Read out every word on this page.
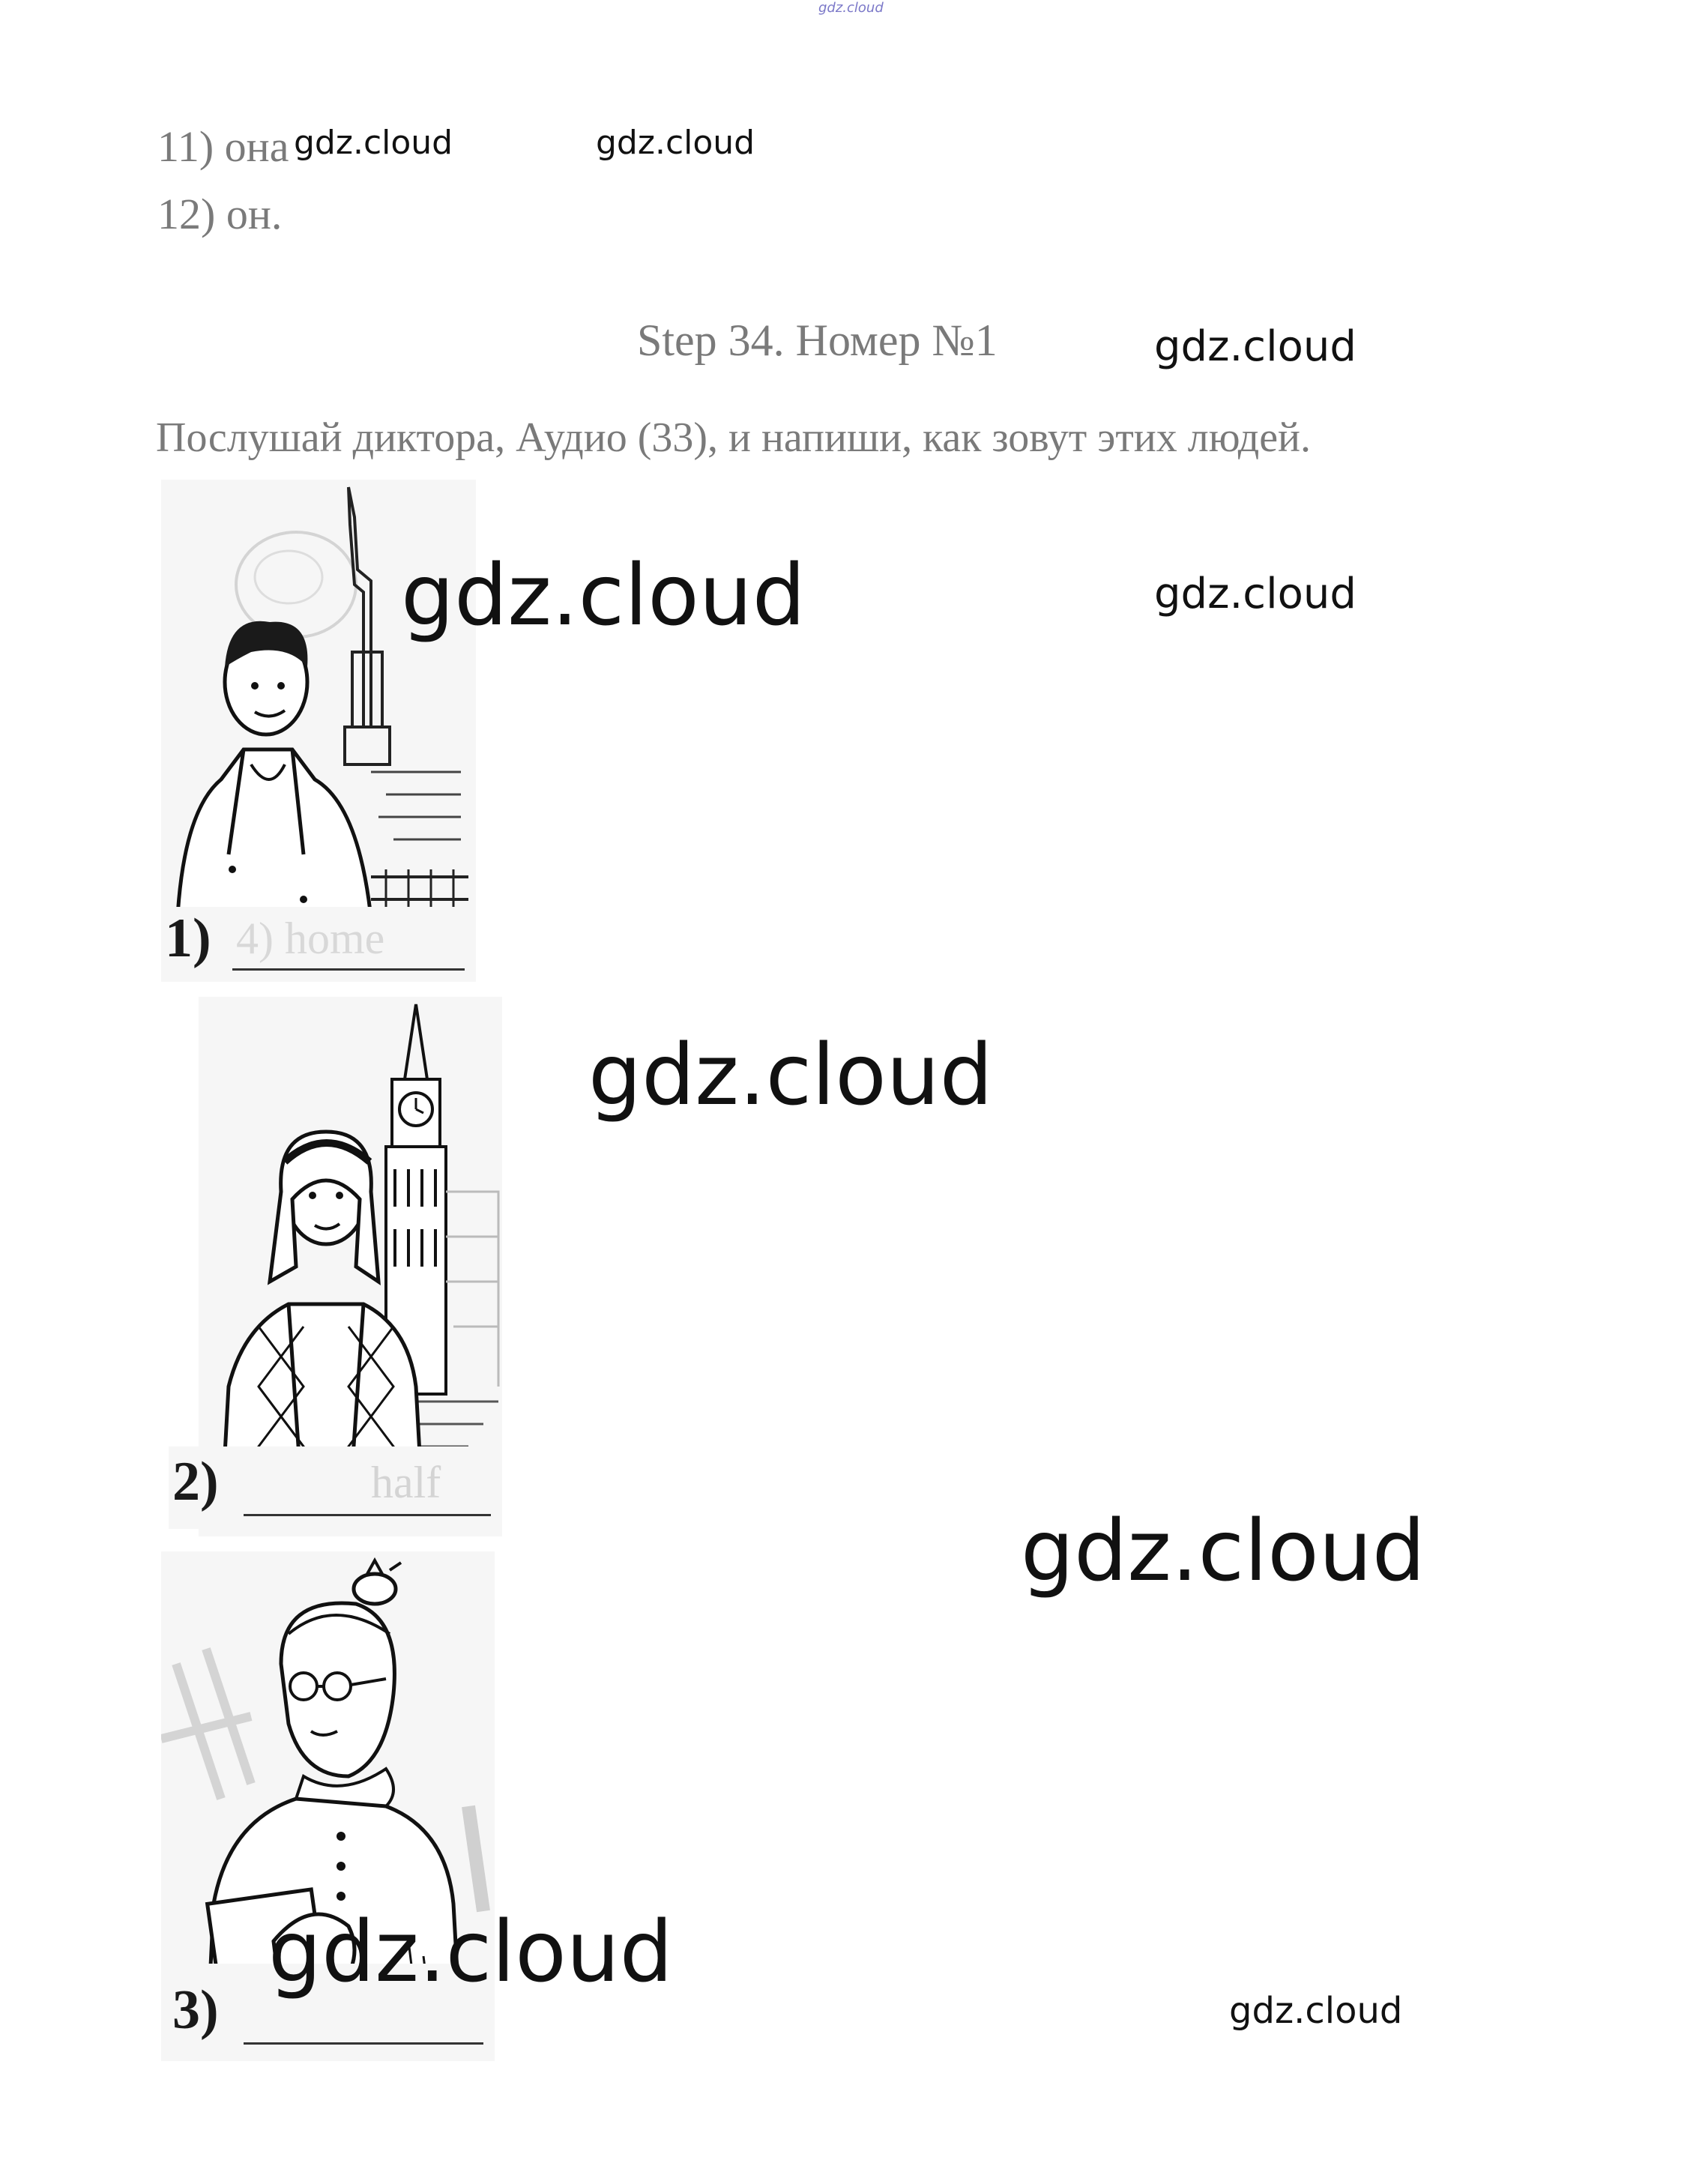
gdz.cloud
11) она
12) он.
Step 34. Номер №1
Послушай диктора, Аудио (33), и напиши, как зовут этих людей.
1) 4) home
2)	half
3)
gdz.cloud	gdz.cloud
gdz.cloud
gdz.cloud	gdz.cloud
gdz.cloud
gdz.cloud
gdz.cloud
gdz.cloud
